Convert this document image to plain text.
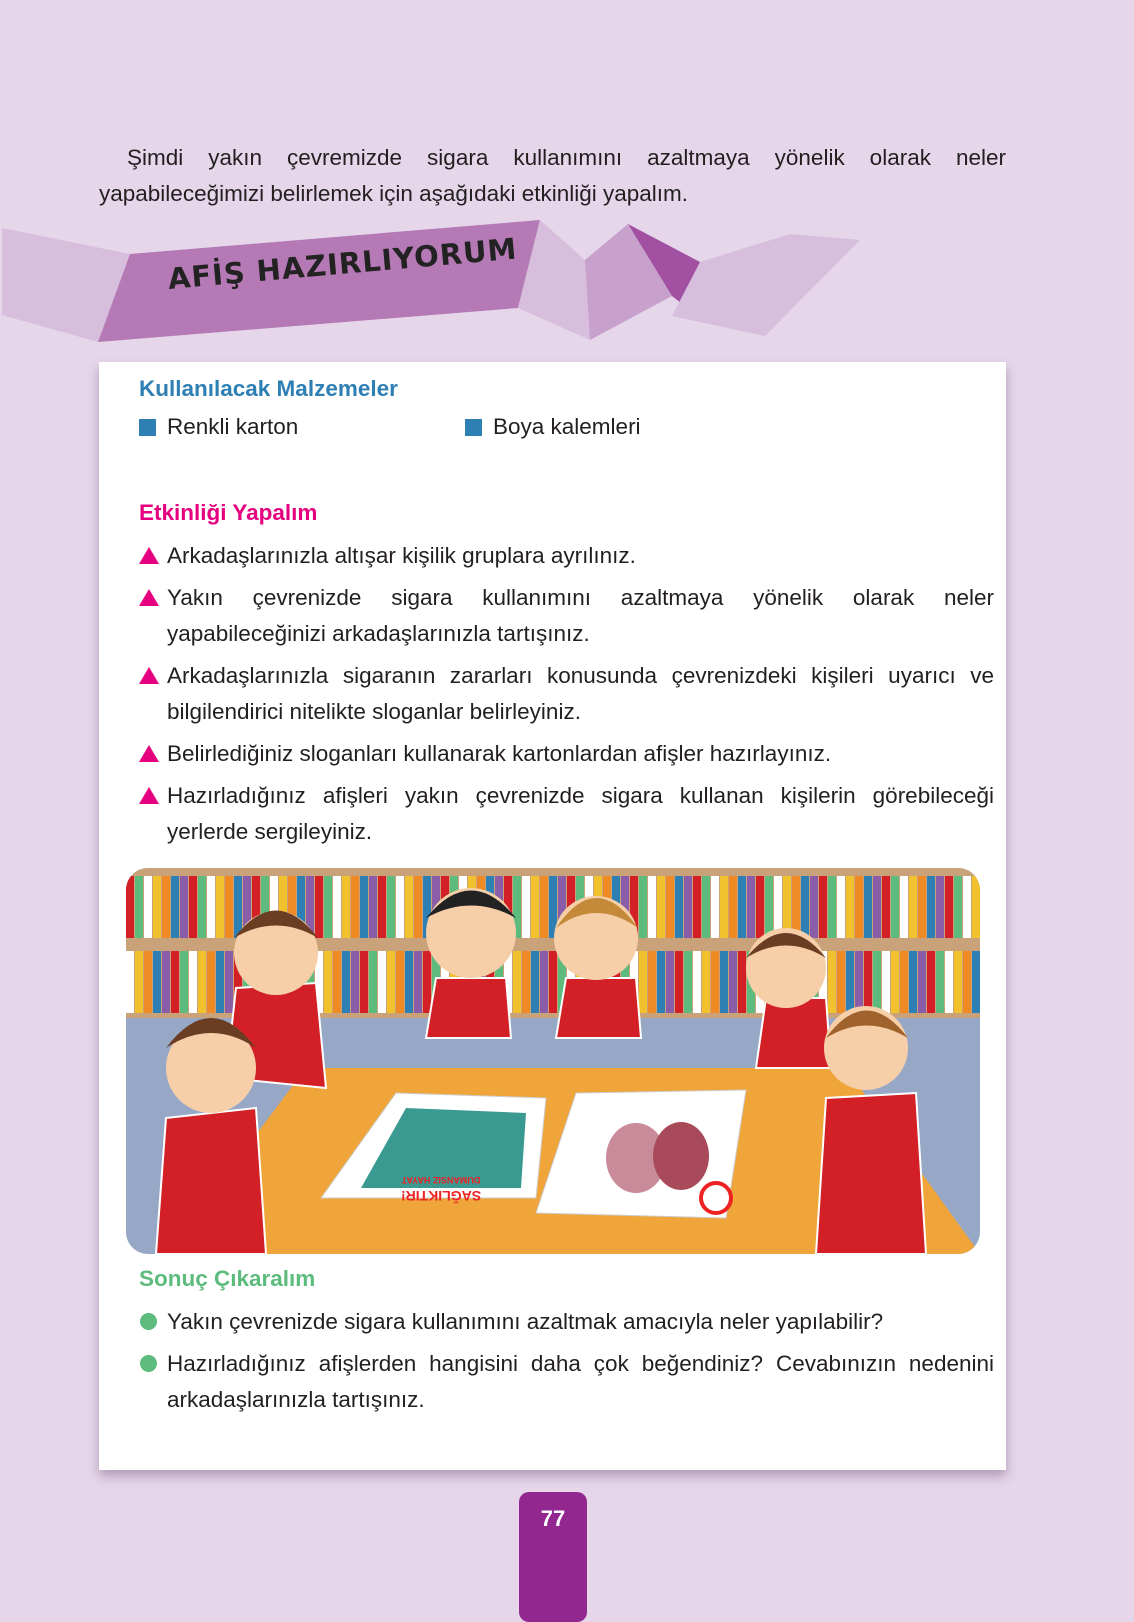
Şimdi yakın çevremizde sigara kullanımını azaltmaya yönelik olarak neler yapabileceğimizi belirlemek için aşağıdaki etkinliği yapalım.

AFİŞ HAZIRLIYORUM
Kullanılacak Malzemeler
Renkli karton	Boya kalemleri
Etkinliği Yapalım
Arkadaşlarınızla altışar kişilik gruplara ayrılınız.
Yakın çevrenizde sigara kullanımını azaltmaya yönelik olarak neler yapabileceğinizi arkadaşlarınızla tartışınız.
Arkadaşlarınızla sigaranın zararları konusunda çevrenizdeki kişileri uyarıcı ve bilgilendirici nitelikte sloganlar belirleyiniz.
Belirlediğiniz sloganları kullanarak kartonlardan afişler hazırlayınız.
Hazırladığınız afişleri yakın çevrenizde sigara kullanan kişilerin görebileceği yerlerde sergileyiniz.
SAĞLIKTIR!
DUMANSIZ HAYAT
Sonuç Çıkaralım
Yakın çevrenizde sigara kullanımını azaltmak amacıyla neler yapılabilir?
Hazırladığınız afişlerden hangisini daha çok beğendiniz? Cevabınızın nedenini arkadaşlarınızla tartışınız.
77
